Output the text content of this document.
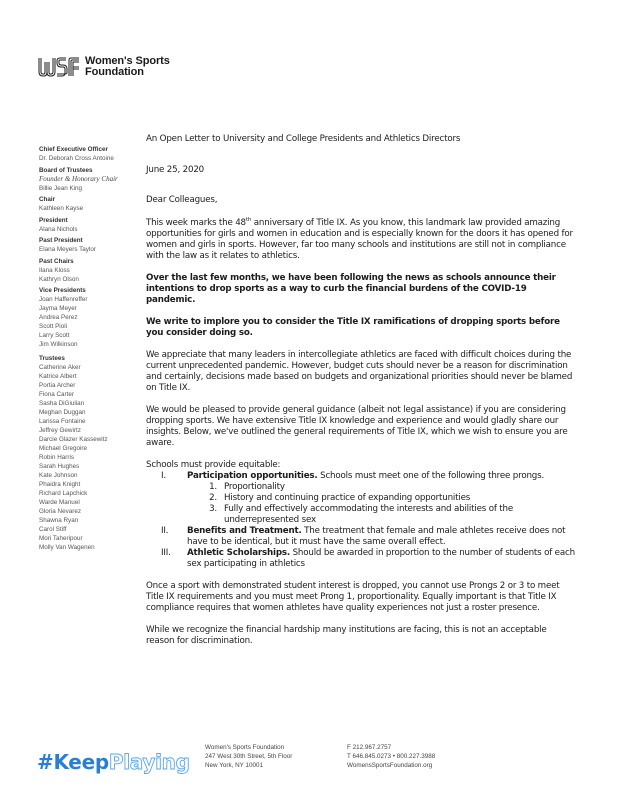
Women's Sports
Foundation
Chief Executive Officer
Dr. Deborah Cross Antoine
Board of Trustees
Founder & Honorary Chair
Billie Jean King
Chair
Kathleen Kayse
President
Alana Nichols
Past President
Elana Meyers Taylor
Past Chairs
Ilana Kloss
Kathryn Olson
Vice Presidents
Joan Haffenreffer
Jayma Meyer
Andrea Perez
Scott Pioli
Larry Scott
Jim Wilkinson
Trustees
Catherine Aker
Katrice Albert
Portia Archer
Fiona Carter
Sasha DiGiulian
Meghan Duggan
Larissa Fontaine
Jeffrey Gewirtz
Darcie Glazer Kassewitz
Michael Gregoire
Robin Harris
Sarah Hughes
Kate Johnson
Phaidra Knight
Richard Lapchick
Warde Manuel
Gloria Nevarez
Shawna Ryan
Carol Stiff
Mori Taheripour
Molly Van Wagenen

An Open Letter to University and College Presidents and Athletics Directors

June 25, 2020

Dear Colleagues,

This week marks the 48th anniversary of Title IX. As you know, this landmark law provided amazing opportunities for girls and women in education and is especially known for the doors it has opened for women and girls in sports. However, far too many schools and institutions are still not in compliance with the law as it relates to athletics.

Over the last few months, we have been following the news as schools announce their intentions to drop sports as a way to curb the financial burdens of the COVID-19 pandemic.

We write to implore you to consider the Title IX ramifications of dropping sports before you consider doing so.

We appreciate that many leaders in intercollegiate athletics are faced with difficult choices during the current unprecedented pandemic. However, budget cuts should never be a reason for discrimination and certainly, decisions made based on budgets and organizational priorities should never be blamed on Title IX.

We would be pleased to provide general guidance (albeit not legal assistance) if you are considering dropping sports. We have extensive Title IX knowledge and experience and would gladly share our insights. Below, we've outlined the general requirements of Title IX, which we wish to ensure you are aware.

Schools must provide equitable:

I.	Participation opportunities. Schools must meet one of the following three prongs.
1. Proportionality
2. History and continuing practice of expanding opportunities
3. Fully and effectively accommodating the interests and abilities of the underrepresented sex
II.	Benefits and Treatment. The treatment that female and male athletes receive does not have to be identical, but it must have the same overall effect.
III.	Athletic Scholarships. Should be awarded in proportion to the number of students of each sex participating in athletics

Once a sport with demonstrated student interest is dropped, you cannot use Prongs 2 or 3 to meet Title IX requirements and you must meet Prong 1, proportionality. Equally important is that Title IX compliance requires that women athletes have quality experiences not just a roster presence.

While we recognize the financial hardship many institutions are facing, this is not an acceptable reason for discrimination.

#KeepPlaying
Women's Sports Foundation
247 West 30th Street, 5th Floor
New York, NY 10001
F 212.967.2757
T 646.845.0273 • 800.227.3988
WomensSportsFoundation.org
